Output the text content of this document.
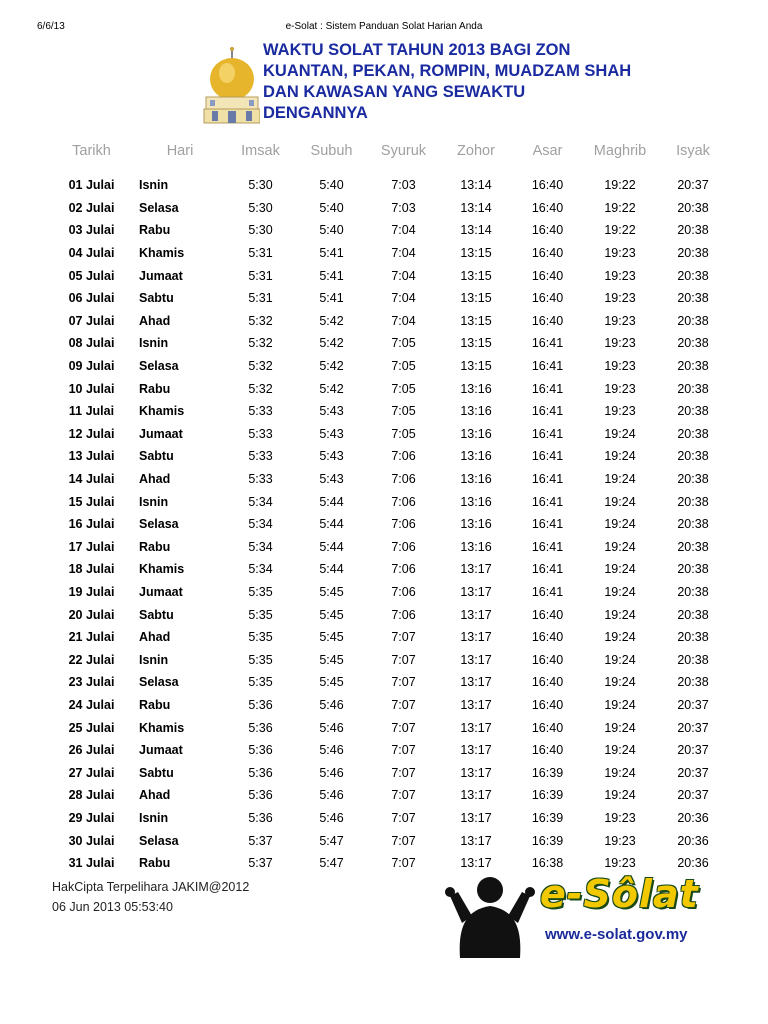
6/6/13	e-Solat : Sistem Panduan Solat Harian Anda
WAKTU SOLAT TAHUN 2013 BAGI ZON
KUANTAN, PEKAN, ROMPIN, MUADZAM SHAH
DAN KAWASAN YANG SEWAKTU
DENGANNYA
Tarikh	Hari	Imsak	Subuh	Syuruk	Zohor	Asar	Maghrib	Isyak
01 Julai	Isnin	5:30	5:40	7:03	13:14	16:40	19:22	20:37
02 Julai	Selasa	5:30	5:40	7:03	13:14	16:40	19:22	20:38
03 Julai	Rabu	5:30	5:40	7:04	13:14	16:40	19:22	20:38
04 Julai	Khamis	5:31	5:41	7:04	13:15	16:40	19:23	20:38
05 Julai	Jumaat	5:31	5:41	7:04	13:15	16:40	19:23	20:38
06 Julai	Sabtu	5:31	5:41	7:04	13:15	16:40	19:23	20:38
07 Julai	Ahad	5:32	5:42	7:04	13:15	16:40	19:23	20:38
08 Julai	Isnin	5:32	5:42	7:05	13:15	16:41	19:23	20:38
09 Julai	Selasa	5:32	5:42	7:05	13:15	16:41	19:23	20:38
10 Julai	Rabu	5:32	5:42	7:05	13:16	16:41	19:23	20:38
11 Julai	Khamis	5:33	5:43	7:05	13:16	16:41	19:23	20:38
12 Julai	Jumaat	5:33	5:43	7:05	13:16	16:41	19:24	20:38
13 Julai	Sabtu	5:33	5:43	7:06	13:16	16:41	19:24	20:38
14 Julai	Ahad	5:33	5:43	7:06	13:16	16:41	19:24	20:38
15 Julai	Isnin	5:34	5:44	7:06	13:16	16:41	19:24	20:38
16 Julai	Selasa	5:34	5:44	7:06	13:16	16:41	19:24	20:38
17 Julai	Rabu	5:34	5:44	7:06	13:16	16:41	19:24	20:38
18 Julai	Khamis	5:34	5:44	7:06	13:17	16:41	19:24	20:38
19 Julai	Jumaat	5:35	5:45	7:06	13:17	16:41	19:24	20:38
20 Julai	Sabtu	5:35	5:45	7:06	13:17	16:40	19:24	20:38
21 Julai	Ahad	5:35	5:45	7:07	13:17	16:40	19:24	20:38
22 Julai	Isnin	5:35	5:45	7:07	13:17	16:40	19:24	20:38
23 Julai	Selasa	5:35	5:45	7:07	13:17	16:40	19:24	20:38
24 Julai	Rabu	5:36	5:46	7:07	13:17	16:40	19:24	20:37
25 Julai	Khamis	5:36	5:46	7:07	13:17	16:40	19:24	20:37
26 Julai	Jumaat	5:36	5:46	7:07	13:17	16:40	19:24	20:37
27 Julai	Sabtu	5:36	5:46	7:07	13:17	16:39	19:24	20:37
28 Julai	Ahad	5:36	5:46	7:07	13:17	16:39	19:24	20:37
29 Julai	Isnin	5:36	5:46	7:07	13:17	16:39	19:23	20:36
30 Julai	Selasa	5:37	5:47	7:07	13:17	16:39	19:23	20:36
31 Julai	Rabu	5:37	5:47	7:07	13:17	16:38	19:23	20:36
HakCipta Terpelihara JAKIM@2012
06 Jun 2013 05:53:40	e-Sôlat
www.e-solat.gov.my
